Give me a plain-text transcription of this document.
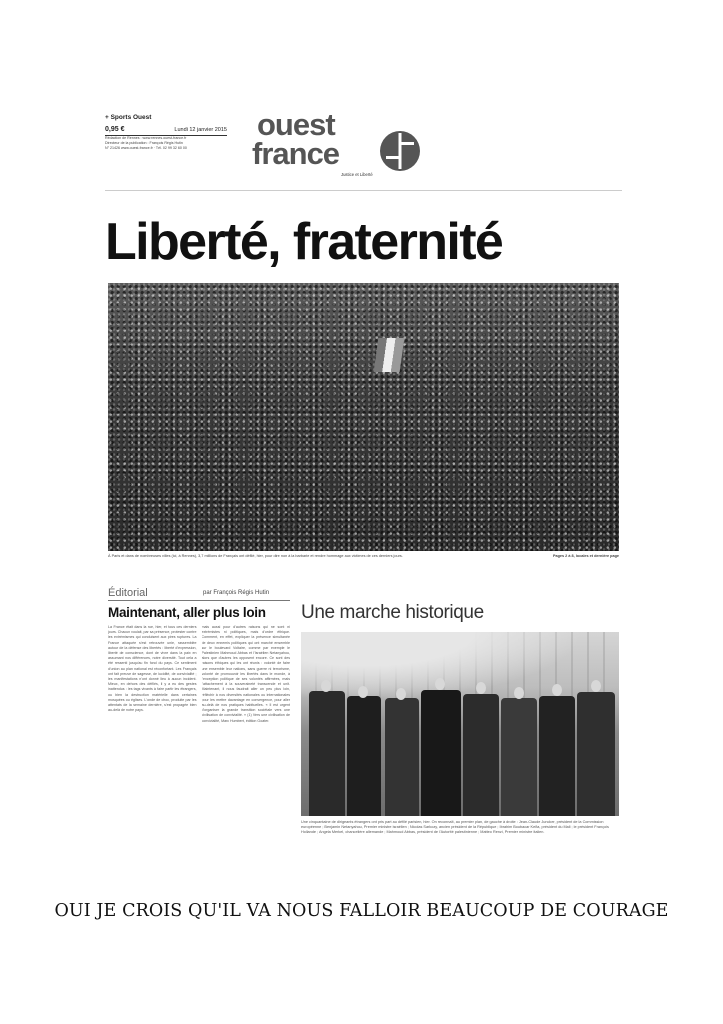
+ Sports Ouest
0,95 €	Lundi 12 janvier 2015
Rédaction de Rennes : www.rennes.ouest-france.fr
Directeur de la publication : François Régis Hutin
N° 21426 www.ouest-france.fr · Tél. 02 99 32 60 00
ouest
france
Justice et Liberté
Liberté, fraternité
À Paris et dans de nombreuses villes (ici, à Rennes), 3,7 millions de Français ont défilé, hier, pour dire non à la barbarie et rendre hommage aux victimes de ces derniers jours.	Pages 2 à 8, locales et dernière page
Éditorial	par François Régis Hutin
Maintenant, aller plus loin
La France était dans la rue, hier, et tous ces derniers jours. Chacun voulait, par sa présence, protester contre les extrémismes qui conduisent aux pires ruptures. La France attaquée s'est retrouvée unie, rassemblée autour de la défense des libertés : liberté d'expression, liberté de conscience, dont de vivre dans la paix en assumant nos différences, notre diversité. Tout cela a été ressenti jusqu'au fin fond du pays. Ce sentiment d'union au plan national est réconfortant. Les Français ont fait preuve de sagesse, de lucidité, de convivialité ; les manifestations n'ont donné lieu à aucun incident. Mieux, en dehors des défilés, il y a eu des gestes inattendus : les tags vivants à faire partir les étrangers, ou bien la destruction matérielle dans certaines mosquées ou églises. L'onde de choc, produite par les attentats de la semaine dernière, s'est propagée bien au-delà de notre pays.
mais aussi pour d'autres raisons qui ne sont ni extrémistes ni politiques, mais d'ordre éthique. Comment, en effet, expliquer la présence simultanée de deux ennemis politiques qui ont marché ensemble sur le boulevard Voltaire, comme par exemple le Palestinien Mahmoud Abbas et l'Israélien Netanyahou, alors que d'autres les opposent encore. Ce sont des raisons éthiques qui les ont réunis : volonté de faire une ensemble leur nations, sans guerre ni terrorisme, volonté de promouvoir les libertés dans le monde, à l'exception politique de ses volontés affirmées, mais l'attachement à la souveraineté transcende et unit. Maintenant, il nous faudrait aller un peu plus loin, réfléchir à nos diversités nationales ou internationales pour les mettre davantage en convergence, pour aller au-delà de nos pratiques habituelles. « Il est urgent d'organiser la grande transition sociétale vers une civilisation de convivialité. » (1) Vers une civilisation de convivialité, Marc Humbert, édition Goater.
Une marche historique
Une cinquantaine de dirigeants étrangers ont pris part au défilé parisien, hier. On reconnaît, au premier plan, de gauche à droite : Jean-Claude Juncker, président de la Commission européenne ; Benjamin Netanyahou, Premier ministre israélien ; Nicolas Sarkozy, ancien président de la République ; Ibrahim Boubacar Keïta, président du Mali ; le président François Hollande ; Angela Merkel, chancelière allemande ; Mahmoud Abbas, président de l'Autorité palestinienne ; Matteo Renzi, Premier ministre italien.
OUI JE CROIS QU'IL VA NOUS FALLOIR BEAUCOUP DE COURAGE
